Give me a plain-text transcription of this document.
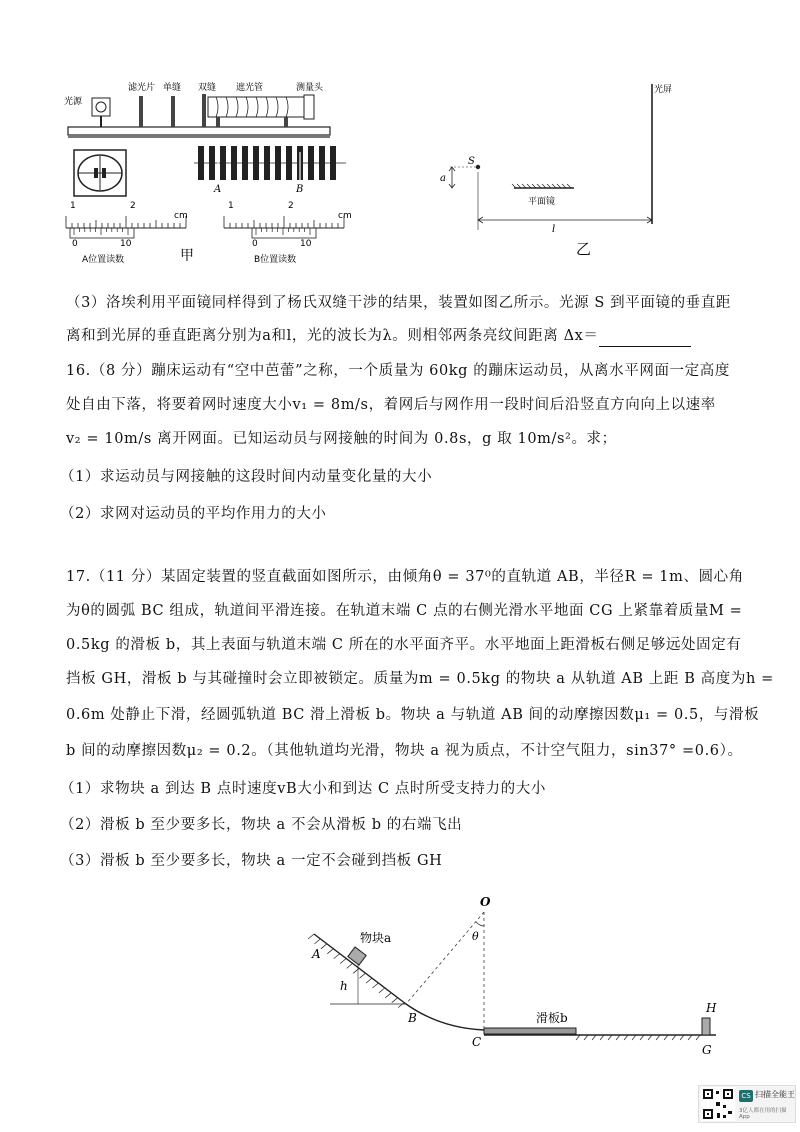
光源
滤光片 单缝 双缝 遮光管	测量头
A	B
1	2
cm
0	10
A位置读数
1	2
cm
0	10
B位置读数
甲
光屏
S
a
平面镜
l
乙
（3）洛埃利用平面镜同样得到了杨氏双缝干涉的结果，装置如图乙所示。光源 S 到平面镜的垂直距
离和到光屏的垂直距离分别为a和l，光的波长为λ。则相邻两条亮纹间距离 Δx＝
16.（8 分）蹦床运动有“空中芭蕾”之称，一个质量为 60kg 的蹦床运动员，从离水平网面一定高度
处自由下落，将要着网时速度大小v₁ = 8m/s，着网后与网作用一段时间后沿竖直方向向上以速率
v₂ = 10m/s 离开网面。已知运动员与网接触的时间为 0.8s，g 取 10m/s²。求；
（1）求运动员与网接触的这段时间内动量变化量的大小
（2）求网对运动员的平均作用力的大小
17.（11 分）某固定装置的竖直截面如图所示，由倾角θ = 37⁰的直轨道 AB，半径R = 1m、圆心角
为θ的圆弧 BC 组成，轨道间平滑连接。在轨道末端 C 点的右侧光滑水平地面 CG 上紧靠着质量M =
0.5kg 的滑板 b，其上表面与轨道末端 C 所在的水平面齐平。水平地面上距滑板右侧足够远处固定有
挡板 GH，滑板 b 与其碰撞时会立即被锁定。质量为m = 0.5kg 的物块 a 从轨道 AB 上距 B 高度为h =
0.6m 处静止下滑，经圆弧轨道 BC 滑上滑板 b。物块 a 与轨道 AB 间的动摩擦因数μ₁ = 0.5，与滑板
b 间的动摩擦因数μ₂ = 0.2。（其他轨道均光滑，物块 a 视为质点，不计空气阻力，sin37° =0.6）。
（1）求物块 a 到达 B 点时速度vB大小和到达 C 点时所受支持力的大小
（2）滑板 b 至少要多长，物块 a 不会从滑板 b 的右端飞出
（3）滑板 b 至少要多长，物块 a 一定不会碰到挡板 GH
O
θ
物块a
A
h
B
C
滑板b
H
G
CS 扫描全能王
3亿人都在用的扫描App
